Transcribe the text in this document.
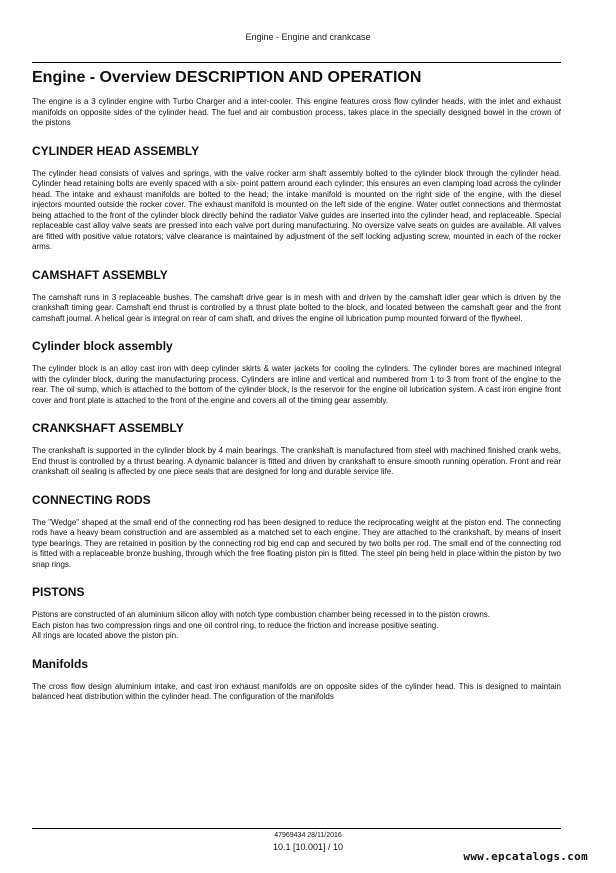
Engine - Engine and crankcase
Engine - Overview DESCRIPTION AND OPERATION

The engine is a 3 cylinder engine with Turbo Charger and a inter-cooler. This engine features cross flow cylinder heads, with the inlet and exhaust manifolds on opposite sides of the cylinder head. The fuel and air combustion process, takes place in the specially designed bowel in the crown of the pistons

CYLINDER HEAD ASSEMBLY

The cylinder head consists of valves and springs, with the valve rocker arm shaft assembly bolted to the cylinder block through the cylinder head. Cylinder head retaining bolts are evenly spaced with a six- point pattern around each cylinder; this ensures an even clamping load across the cylinder head. The intake and exhaust manifolds are bolted to the head; the intake manifold is mounted on the right side of the engine, with the diesel injectors mounted outside the rocker cover. The exhaust manifold is mounted on the left side of the engine. Water outlet connections and thermostat being attached to the front of the cylinder block directly behind the radiator Valve guides are inserted into the cylinder head, and replaceable. Special replaceable cast alloy valve seats are pressed into each valve port during manufacturing. No oversize valve seats on guides are available. All valves are fitted with positive value rotators; valve clearance is maintained by adjustment of the self locking adjusting screw, mounted in each of the rocker arms.

CAMSHAFT ASSEMBLY

The camshaft runs in 3 replaceable bushes. The camshaft drive gear is in mesh with and driven by the camshaft idler gear which is driven by the crankshaft timing gear. Camshaft end thrust is controlled by a thrust plate bolted to the block, and located between the camshaft gear and the front camshaft journal. A helical gear is integral on rear of cam shaft, and drives the engine oil lubrication pump mounted forward of the flywheel.

Cylinder block assembly

The cylinder block is an alloy cast iron with deep cylinder skirts & water jackets for cooling the cylinders. The cylinder bores are machined integral with the cylinder block, during the manufacturing process. Cylinders are inline and vertical and numbered from 1 to 3 from front of the engine to the rear. The oil sump, which is attached to the bottom of the cylinder block, is the reservoir for the engine oil lubrication system. A cast iron engine front cover and front plate is attached to the front of the engine and covers all of the timing gear assembly.

CRANKSHAFT ASSEMBLY

The crankshaft is supported in the cylinder block by 4 main bearings. The crankshaft is manufactured from steel with machined finished crank webs, End thrust is controlled by a thrust bearing. A dynamic balancer is fitted and driven by crankshaft to ensure smooth running operation. Front and rear crankshaft oil sealing is affected by one piece seals that are designed for long and durable service life.

CONNECTING RODS

The "Wedge" shaped at the small end of the connecting rod has been designed to reduce the reciprocating weight at the piston end. The connecting rods have a heavy beam construction and are assembled as a matched set to each engine. They are attached to the crankshaft, by means of insert type bearings. They are retained in position by the connecting rod big end cap and secured by two bolts per rod. The small end of the connecting rod is fitted with a replaceable bronze bushing, through which the free floating piston pin is fitted. The steel pin being held in place within the piston by two snap rings.

PISTONS

Pistons are constructed of an aluminium silicon alloy with notch type combustion chamber being recessed in to the piston crowns.

Each piston has two compression rings and one oil control ring, to reduce the friction and increase positive seating.

All rings are located above the piston pin.

Manifolds

The cross flow design aluminium intake, and cast iron exhaust manifolds are on opposite sides of the cylinder head. This is designed to maintain balanced heat distribution within the cylinder head. The configuration of the manifolds

47969434 28/11/2016
10.1 [10.001] / 10
www.epcatalogs.com
